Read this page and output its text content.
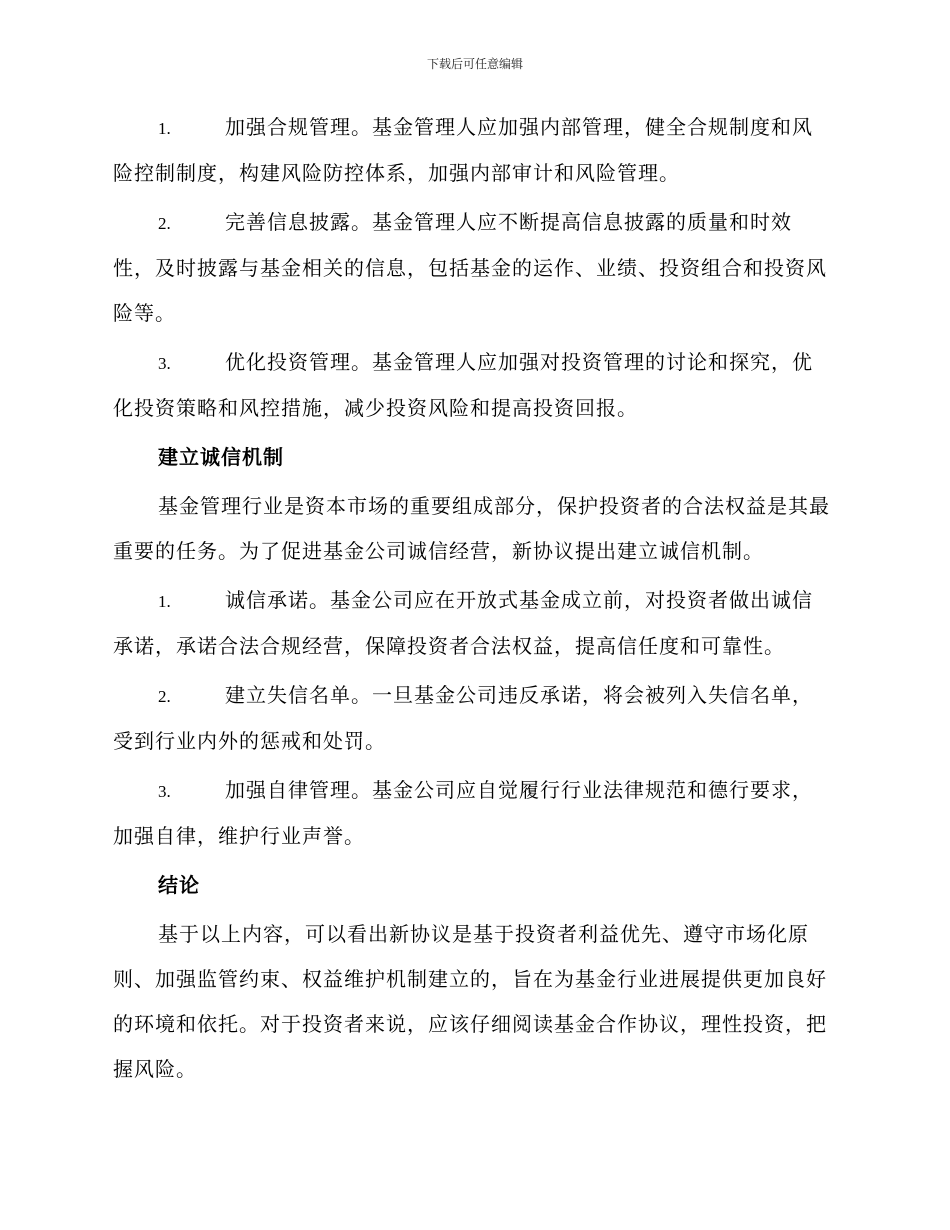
下载后可任意编辑

1.	加强合规管理。基金管理人应加强内部管理，健全合规制度和风险控制制度，构建风险防控体系，加强内部审计和风险管理。

2.	完善信息披露。基金管理人应不断提高信息披露的质量和时效性，及时披露与基金相关的信息，包括基金的运作、业绩、投资组合和投资风险等。

3.	优化投资管理。基金管理人应加强对投资管理的讨论和探究，优化投资策略和风控措施，减少投资风险和提高投资回报。

建立诚信机制

基金管理行业是资本市场的重要组成部分，保护投资者的合法权益是其最重要的任务。为了促进基金公司诚信经营，新协议提出建立诚信机制。

1.	诚信承诺。基金公司应在开放式基金成立前，对投资者做出诚信承诺，承诺合法合规经营，保障投资者合法权益，提高信任度和可靠性。

2.	建立失信名单。一旦基金公司违反承诺，将会被列入失信名单，受到行业内外的惩戒和处罚。

3.	加强自律管理。基金公司应自觉履行行业法律规范和德行要求，加强自律，维护行业声誉。

结论

基于以上内容，可以看出新协议是基于投资者利益优先、遵守市场化原则、加强监管约束、权益维护机制建立的，旨在为基金行业进展提供更加良好的环境和依托。对于投资者来说，应该仔细阅读基金合作协议，理性投资，把握风险。
